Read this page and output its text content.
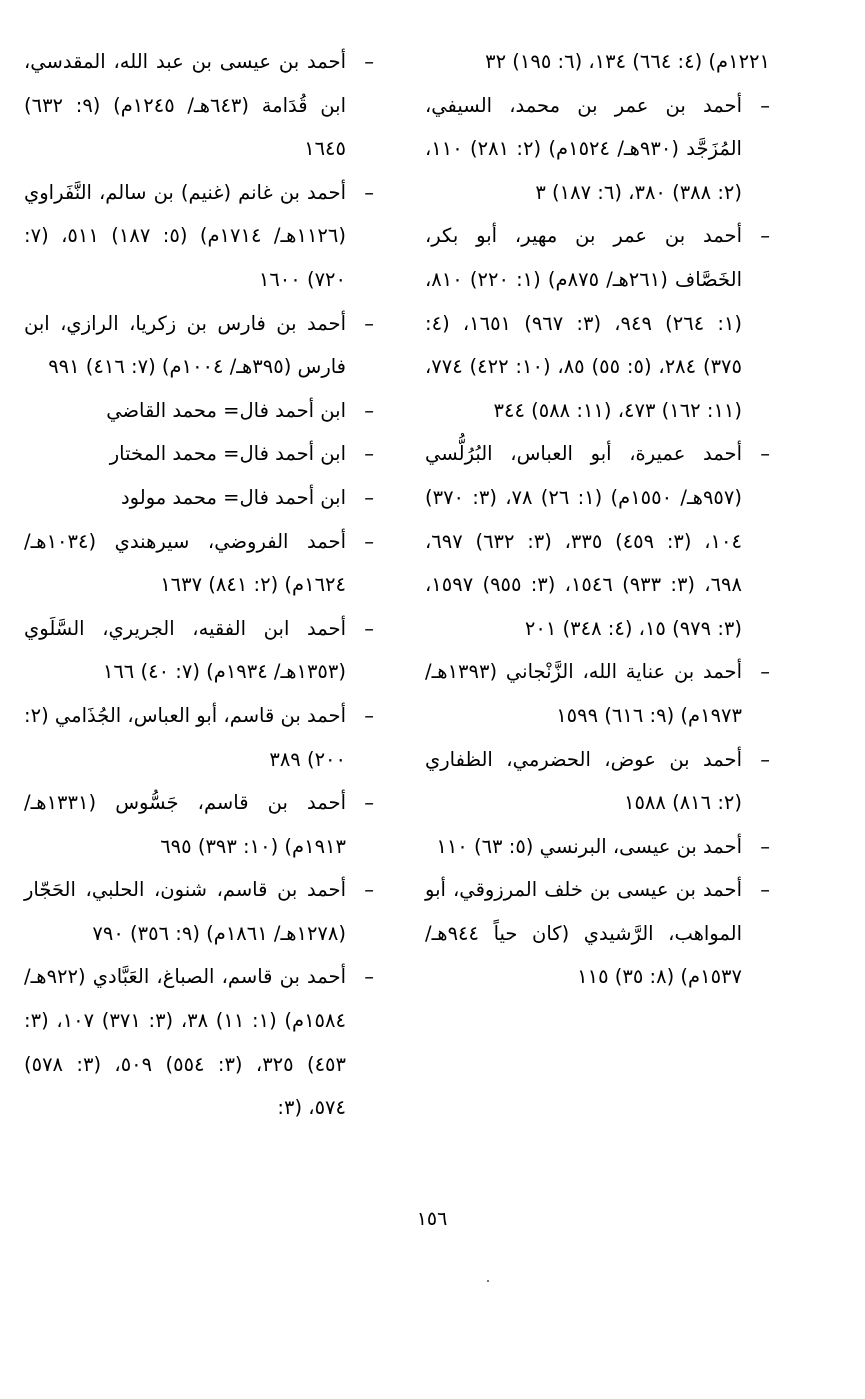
١٢٢١م) (٤: ٦٦٤) ١٣٤، (٦: ١٩٥) ٣٢
–
أحمد بن عمر بن محمد، السيفي، المُزَجَّد (٩٣٠هـ/ ١٥٢٤م) (٢: ٢٨١) ١١٠، (٢: ٣٨٨) ٣٨٠، (٦: ١٨٧) ٣
–
أحمد بن عمر بن مهير، أبو بكر، الخَصَّاف (٢٦١هـ/ ٨٧٥م) (١: ٢٢٠) ٨١٠، (١: ٢٦٤) ٩٤٩، (٣: ٩٦٧) ١٦٥١، (٤: ٣٧٥) ٢٨٤، (٥: ٥٥) ٨٥، (١٠: ٤٢٢) ٧٧٤، (١١: ١٦٢) ٤٧٣، (١١: ٥٨٨) ٣٤٤
–
أحمد عميرة، أبو العباس، البُرُلُّسي (٩٥٧هـ/ ١٥٥٠م) (١: ٢٦) ٧٨، (٣: ٣٧٠) ١٠٤، (٣: ٤٥٩) ٣٣٥، (٣: ٦٣٢) ٦٩٧، ٦٩٨، (٣: ٩٣٣) ١٥٤٦، (٣: ٩٥٥) ١٥٩٧، (٣: ٩٧٩) ١٥، (٤: ٣٤٨) ٢٠١
–
أحمد بن عناية الله، الزَّنْجاني (١٣٩٣هـ/ ١٩٧٣م) (٩: ٦١٦) ١٥٩٩
–
أحمد بن عوض، الحضرمي، الظفاري (٢: ٨١٦) ١٥٨٨
–
أحمد بن عيسى، البرنسي (٥: ٦٣) ١١٠
–
أحمد بن عيسى بن خلف المرزوقي، أبو المواهب، الرَّشيدي (كان حياً ٩٤٤هـ/ ١٥٣٧م) (٨: ٣٥) ١١٥
–
أحمد بن عيسى بن عبد الله، المقدسي، ابن قُدَامة (٦٤٣هـ/ ١٢٤٥م) (٩: ٦٣٢) ١٦٤٥
–
أحمد بن غانم (غنيم) بن سالم، النَّفَراوي (١١٢٦هـ/ ١٧١٤م) (٥: ١٨٧) ٥١١، (٧: ٧٢٠) ١٦٠٠
–
أحمد بن فارس بن زكريا، الرازي، ابن فارس (٣٩٥هـ/ ١٠٠٤م) (٧: ٤١٦) ٩٩١
–
ابن أحمد فال= محمد القاضي
–
ابن أحمد فال= محمد المختار
–
ابن أحمد فال= محمد مولود
–
أحمد الفروضي، سيرهندي (١٠٣٤هـ/ ١٦٢٤م) (٢: ٨٤١) ١٦٣٧
–
أحمد ابن الفقيه، الجريري، السَّلَوي (١٣٥٣هـ/ ١٩٣٤م) (٧: ٤٠) ١٦٦
–
أحمد بن قاسم، أبو العباس، الجُذَامي (٢: ٢٠٠) ٣٨٩
–
أحمد بن قاسم، جَسُّوس (١٣٣١هـ/ ١٩١٣م) (١٠: ٣٩٣) ٦٩٥
–
أحمد بن قاسم، شنون، الحلبي، الحَجّار (١٢٧٨هـ/ ١٨٦١م) (٩: ٣٥٦) ٧٩٠
–
أحمد بن قاسم، الصباغ، العَبَّادي (٩٢٢هـ/ ١٥٨٤م) (١: ١١) ٣٨، (٣: ٣٧١) ١٠٧، (٣: ٤٥٣) ٣٢٥، (٣: ٥٥٤) ٥٠٩، (٣: ٥٧٨) ٥٧٤، (٣:
١٥٦
